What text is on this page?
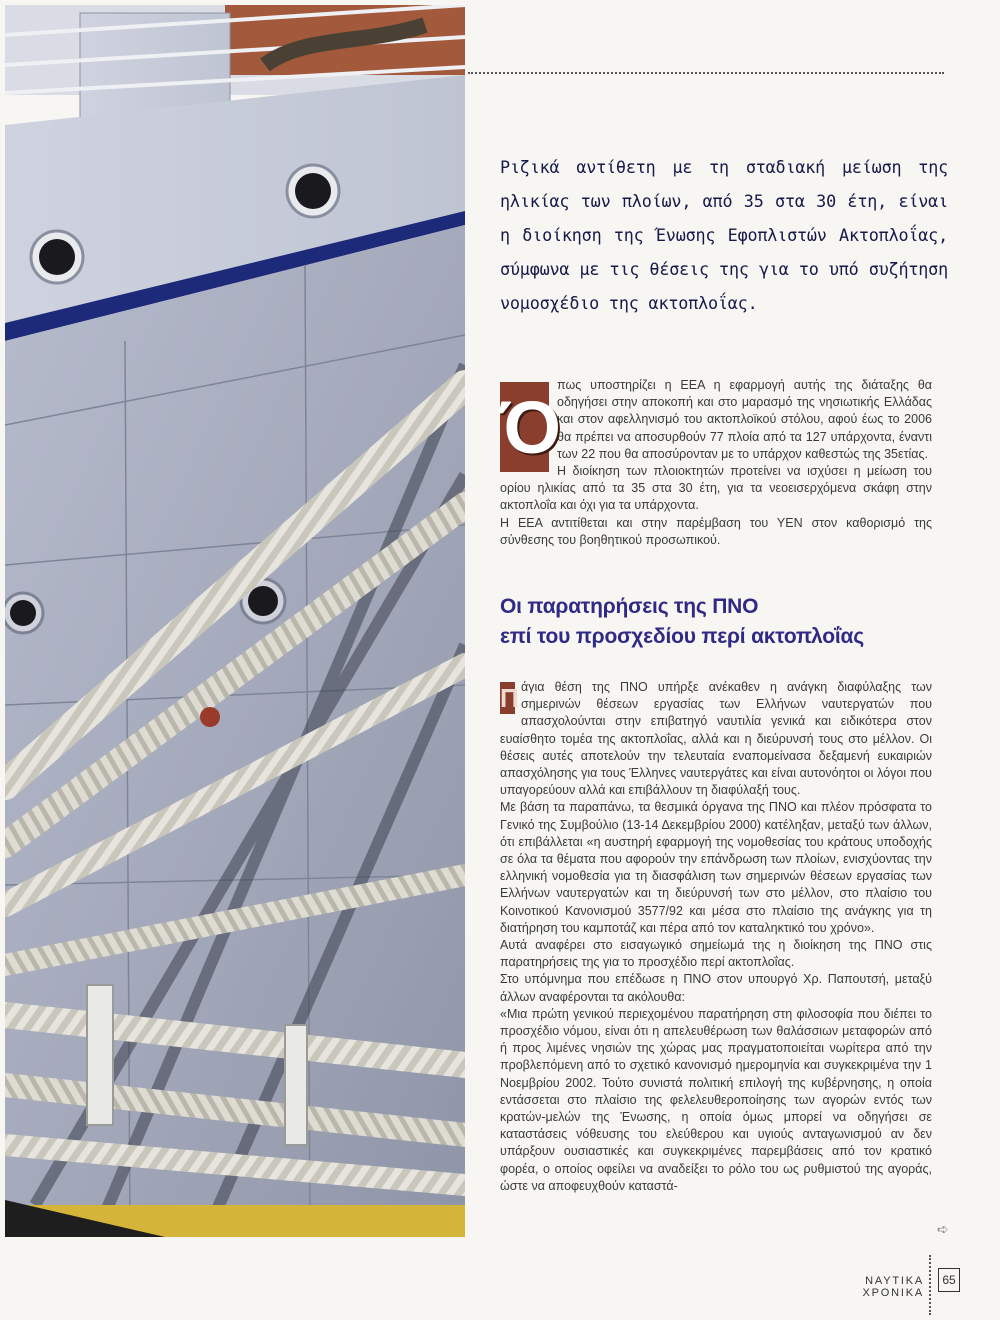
Ριζικά αντίθετη με τη σταδιακή μείωση της ηλικίας των πλοίων, από 35 στα 30 έτη, είναι η διοίκηση της Ένωσης Εφοπλιστών Ακτοπλοΐας, σύμφωνα με τις θέσεις της για το υπό συζήτηση νομοσχέδιο της ακτοπλοΐας.

Ό

πως υποστηρίζει η ΕΕΑ η εφαρμογή αυτής της διάταξης θα οδηγήσει στην αποκοπή και στο μαρασμό της νησιωτικής Ελλάδας και στον αφελληνισμό του ακτοπλοϊκού στόλου, αφού έως το 2006 θα πρέπει να αποσυρθούν 77 πλοία από τα 127 υπάρχοντα, έναντι των 22 που θα αποσύρονταν με το υπάρχον καθεστώς της 35ετίας.

Η διοίκηση των πλοιοκτητών προτείνει να ισχύσει η μείωση του ορίου ηλικίας από τα 35 στα 30 έτη, για τα νεοεισερχόμενα σκάφη στην ακτοπλοΐα και όχι για τα υπάρχοντα.

Η ΕΕΑ αντιτίθεται και στην παρέμβαση του ΥΕΝ στον καθορισμό της σύνθεσης του βοηθητικού προσωπικού.

Οι παρατηρήσεις της ΠΝΟ
επί του προσχεδίου περί ακτοπλοΐας
Π άγια θέση της ΠΝΟ υπήρξε ανέκαθεν η ανάγκη διαφύλαξης των σημερινών θέσεων εργασίας των Ελλήνων ναυτεργατών που απασχολούνται στην επιβατηγό ναυτιλία γενικά και ειδικότερα στον ευαίσθητο τομέα της ακτοπλοΐας, αλλά και η διεύρυνσή τους στο μέλλον. Οι θέσεις αυτές αποτελούν την τελευταία εναπομείνασα δεξαμενή ευκαιριών απασχόλησης για τους Έλληνες ναυτεργάτες και είναι αυτονόητοι οι λόγοι που υπαγορεύουν αλλά και επιβάλλουν τη διαφύλαξή τους.

Με βάση τα παραπάνω, τα θεσμικά όργανα της ΠΝΟ και πλέον πρόσφατα το Γενικό της Συμβούλιο (13-14 Δεκεμβρίου 2000) κατέληξαν, μεταξύ των άλλων, ότι επιβάλλεται «η αυστηρή εφαρμογή της νομοθεσίας του κράτους υποδοχής σε όλα τα θέματα που αφορούν την επάνδρωση των πλοίων, ενισχύοντας την ελληνική νομοθεσία για τη διασφάλιση των σημερινών θέσεων εργασίας των Ελλήνων ναυτεργατών και τη διεύρυνσή των στο μέλλον, στο πλαίσιο του Κοινοτικού Κανονισμού 3577/92 και μέσα στο πλαίσιο της ανάγκης για τη διατήρηση του καμποτάζ και πέρα από τον καταληκτικό του χρόνο».

Αυτά αναφέρει στο εισαγωγικό σημείωμά της η διοίκηση της ΠΝΟ στις παρατηρήσεις της για το προσχέδιο περί ακτοπλοΐας.

Στο υπόμνημα που επέδωσε η ΠΝΟ στον υπουργό Χρ. Παπουτσή, μεταξύ άλλων αναφέρονται τα ακόλουθα:

«Μια πρώτη γενικού περιεχομένου παρατήρηση στη φιλοσοφία που διέπει το προσχέδιο νόμου, είναι ότι η απελευθέρωση των θαλάσσιων μεταφορών από ή προς λιμένες νησιών της χώρας μας πραγματοποιείται νωρίτερα από την προβλεπόμενη από το σχετικό κανονισμό ημερομηνία και συγκεκριμένα την 1 Νοεμβρίου 2002. Τούτο συνιστά πολιτική επιλογή της κυβέρνησης, η οποία εντάσσεται στο πλαίσιο της φελελευθεροποίησης των αγορών εντός των κρατών-μελών της Ένωσης, η οποία όμως μπορεί να οδηγήσει σε καταστάσεις νόθευσης του ελεύθερου και υγιούς ανταγωνισμού αν δεν υπάρξουν ουσιαστικές και συγκεκριμένες παρεμβάσεις από τον κρατικό φορέα, ο οποίος οφείλει να αναδείξει το ρόλο του ως ρυθμιστού της αγοράς, ώστε να αποφευχθούν καταστά-

➪
ΝΑΥΤΙΚΑ ΧΡΟΝΙΚΑ
65
